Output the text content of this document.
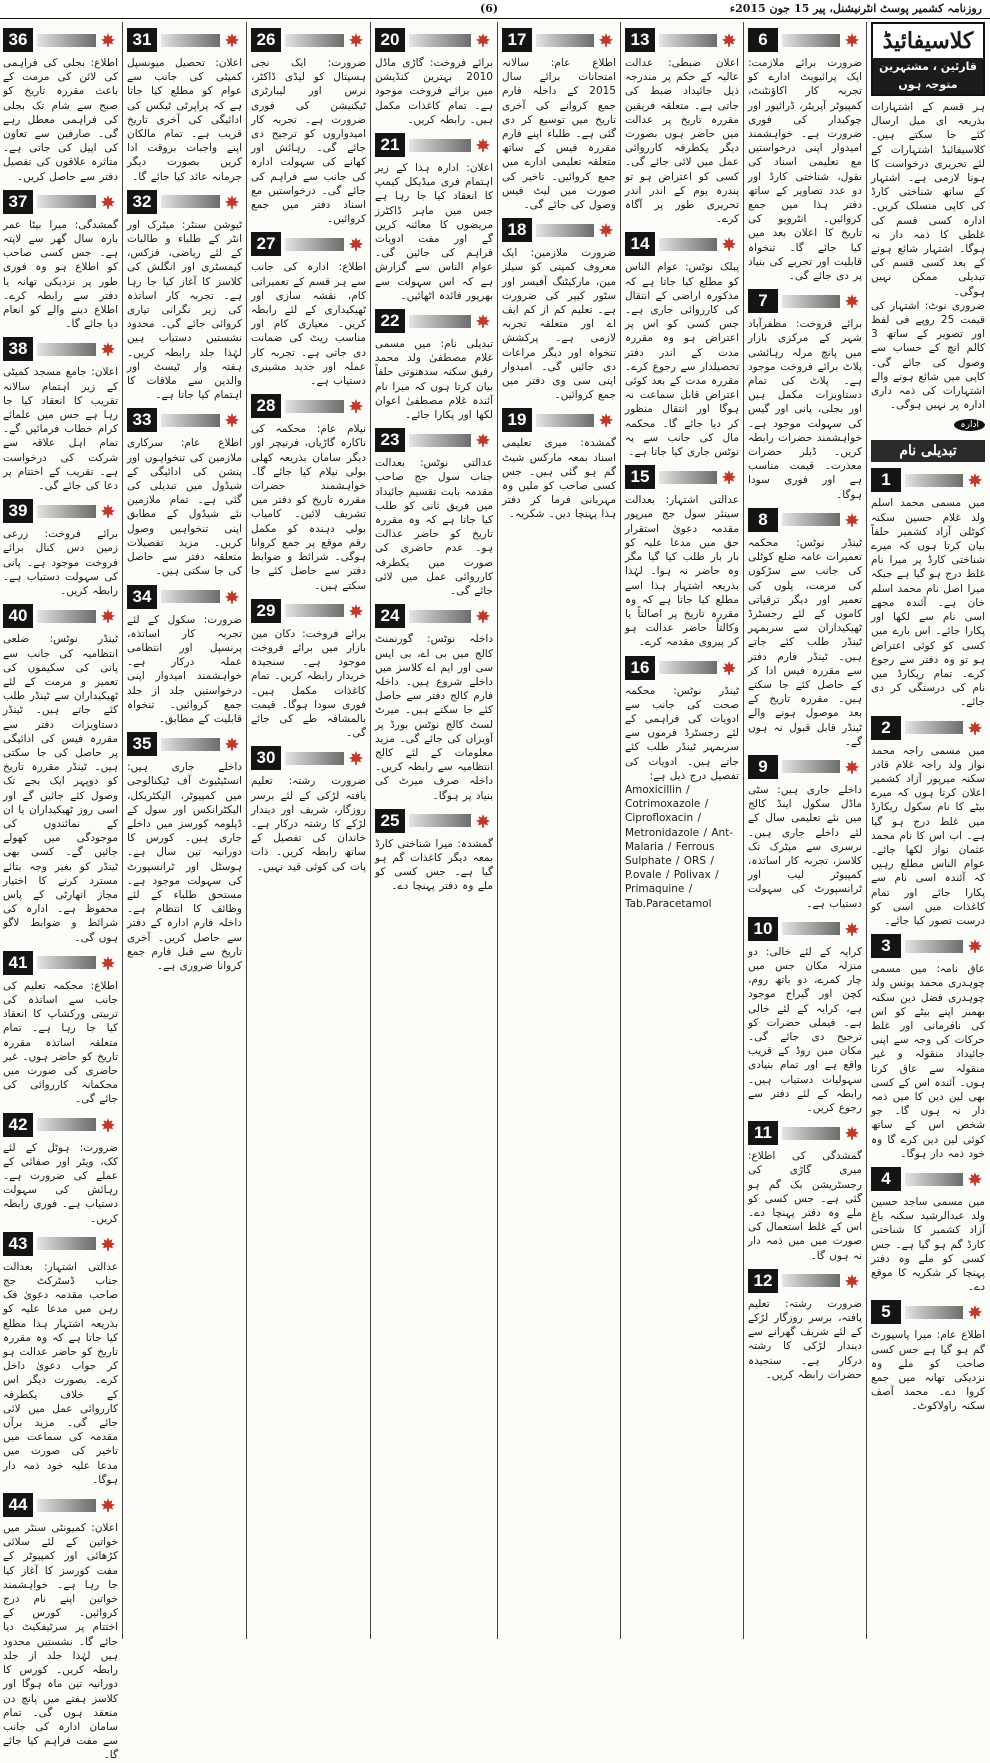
روزنامہ کشمیر پوسٹ انٹرنیشنل، پیر 15 جون 2015ء
(6)
کلاسیفائیڈ
قارئین ، مشتہرین متوجہ ہوں

ہر قسم کے اشتہارات بذریعہ ای میل ارسال کئے جا سکتے ہیں۔ کلاسیفائیڈ اشتہارات کے لئے تحریری درخواست کا ہونا لازمی ہے۔ اشتہار کے ساتھ شناختی کارڈ کی کاپی منسلک کریں۔ ادارہ کسی قسم کی غلطی کا ذمہ دار نہ ہوگا۔ اشتہار شائع ہونے کے بعد کسی قسم کی تبدیلی ممکن نہیں ہوگی۔

ضروری نوٹ: اشتہار کی قیمت 25 روپے فی لفظ اور تصویر کے ساتھ 3 کالم انچ کے حساب سے وصول کی جائے گی۔ کاپی میں شائع ہونے والے اشتہارات کی ذمہ داری ادارہ پر نہیں ہوگی۔

ادارہ
تبدیلی نام
1

میں مسمی محمد اسلم ولد غلام حسین سکنہ کوٹلی آزاد کشمیر حلفاً بیان کرتا ہوں کہ میرے شناختی کارڈ پر میرا نام غلط درج ہو گیا ہے جبکہ میرا اصل نام محمد اسلم خان ہے۔ آئندہ مجھے اسی نام سے لکھا اور پکارا جائے۔ اس بارے میں کسی کو کوئی اعتراض ہو تو وہ دفتر سے رجوع کرے۔ تمام ریکارڈ میں نام کی درستگی کر دی جائے۔

2

میں مسمی راجہ محمد نواز ولد راجہ غلام قادر سکنہ میرپور آزاد کشمیر اعلان کرتا ہوں کہ میرے بیٹے کا نام سکول ریکارڈ میں غلط درج ہو گیا ہے۔ اب اس کا نام محمد عثمان نواز لکھا جائے۔ عوام الناس مطلع رہیں کہ آئندہ اسی نام سے پکارا جائے اور تمام کاغذات میں اسی کو درست تصور کیا جائے۔

3

عاق نامہ: میں مسمی چوہدری محمد یونس ولد چوہدری فضل دین سکنہ بھمبر اپنے بیٹے کو اس کی نافرمانی اور غلط حرکات کی وجہ سے اپنی جائیداد منقولہ و غیر منقولہ سے عاق کرتا ہوں۔ آئندہ اس کے کسی بھی لین دین کا میں ذمہ دار نہ ہوں گا۔ جو شخص اس کے ساتھ کوئی لین دین کرے گا وہ خود ذمہ دار ہوگا۔

4

میں مسمی ساجد حسین ولد عبدالرشید سکنہ باغ آزاد کشمیر کا شناختی کارڈ گم ہو گیا ہے۔ جس کسی کو ملے وہ دفتر پہنچا کر شکریہ کا موقع دے۔

5

اطلاع عام: میرا پاسپورٹ گم ہو گیا ہے جس کسی صاحب کو ملے وہ نزدیکی تھانہ میں جمع کروا دے۔ محمد آصف سکنہ راولاکوٹ۔

6

ضرورت برائے ملازمت: ایک پرائیویٹ ادارے کو تجربہ کار اکاؤنٹنٹ، کمپیوٹر آپریٹر، ڈرائیور اور چوکیدار کی فوری ضرورت ہے۔ خواہشمند امیدوار اپنی درخواستیں مع تعلیمی اسناد کی نقول، شناختی کارڈ اور دو عدد تصاویر کے ساتھ دفتر ہذا میں جمع کروائیں۔ انٹرویو کی تاریخ کا اعلان بعد میں کیا جائے گا۔ تنخواہ قابلیت اور تجربے کی بنیاد پر دی جائے گی۔

7

برائے فروخت: مظفرآباد شہر کے مرکزی بازار میں پانچ مرلہ رہائشی پلاٹ برائے فروخت موجود ہے۔ پلاٹ کی تمام دستاویزات مکمل ہیں اور بجلی، پانی اور گیس کی سہولت موجود ہے۔ خواہشمند حضرات رابطہ کریں۔ ڈیلر حضرات معذرت۔ قیمت مناسب ہے اور فوری سودا ہوگا۔

8

ٹینڈر نوٹس: محکمہ تعمیرات عامہ ضلع کوٹلی کی جانب سے سڑکوں کی مرمت، پلوں کی تعمیر اور دیگر ترقیاتی کاموں کے لئے رجسٹرڈ ٹھیکیداران سے سربمہر ٹینڈر طلب کئے جاتے ہیں۔ ٹینڈر فارم دفتر سے مقررہ فیس ادا کر کے حاصل کئے جا سکتے ہیں۔ مقررہ تاریخ کے بعد موصول ہونے والے ٹینڈر قابل قبول نہ ہوں گے۔

9

داخلے جاری ہیں: سٹی ماڈل سکول اینڈ کالج میں نئے تعلیمی سال کے لئے داخلے جاری ہیں۔ نرسری سے میٹرک تک کلاسز، تجربہ کار اساتذہ، کمپیوٹر لیب اور ٹرانسپورٹ کی سہولت دستیاب ہے۔

10

کرایہ کے لئے خالی: دو منزلہ مکان جس میں چار کمرے، دو باتھ روم، کچن اور گیراج موجود ہے، کرایہ کے لئے خالی ہے۔ فیملی حضرات کو ترجیح دی جائے گی۔ مکان مین روڈ کے قریب واقع ہے اور تمام بنیادی سہولیات دستیاب ہیں۔ رابطہ کے لئے دفتر سے رجوع کریں۔

11

گمشدگی کی اطلاع: میری گاڑی کی رجسٹریشن بک گم ہو گئی ہے۔ جس کسی کو ملے وہ دفتر پہنچا دے۔ اس کے غلط استعمال کی صورت میں میں ذمہ دار نہ ہوں گا۔

12

ضرورت رشتہ: تعلیم یافتہ، برسر روزگار لڑکے کے لئے شریف گھرانے سے دیندار لڑکی کا رشتہ درکار ہے۔ سنجیدہ حضرات رابطہ کریں۔

13

اعلان ضبطی: عدالت عالیہ کے حکم پر مندرجہ ذیل جائیداد ضبط کی جاتی ہے۔ متعلقہ فریقین مقررہ تاریخ پر عدالت میں حاضر ہوں بصورت دیگر یکطرفہ کارروائی عمل میں لائی جائے گی۔ کسی کو اعتراض ہو تو پندرہ یوم کے اندر اندر تحریری طور پر آگاہ کرے۔

14

پبلک نوٹس: عوام الناس کو مطلع کیا جاتا ہے کہ مذکورہ اراضی کے انتقال کی کارروائی جاری ہے۔ جس کسی کو اس پر اعتراض ہو وہ مقررہ مدت کے اندر دفتر تحصیلدار سے رجوع کرے۔ مقررہ مدت کے بعد کوئی اعتراض قابل سماعت نہ ہوگا اور انتقال منظور کر دیا جائے گا۔ محکمہ مال کی جانب سے یہ نوٹس جاری کیا جاتا ہے۔

15

عدالتی اشتہار: بعدالت سینئر سول جج میرپور مقدمہ دعویٰ استقرار حق میں مدعا علیہ کو بار بار طلب کیا گیا مگر وہ حاضر نہ ہوا۔ لہٰذا بذریعہ اشتہار ہذا اسے مطلع کیا جاتا ہے کہ وہ مقررہ تاریخ پر اصالتاً یا وکالتاً حاضر عدالت ہو کر پیروی مقدمہ کرے۔

16

ٹینڈر نوٹس: محکمہ صحت کی جانب سے ادویات کی فراہمی کے لئے رجسٹرڈ فرموں سے سربمہر ٹینڈر طلب کئے جاتے ہیں۔ ادویات کی تفصیل درج ذیل ہے:

Amoxicillin / Cotrimoxazole / Ciprofloxacin / Metronidazole / Ant-Malaria / Ferrous Sulphate / ORS / P.ovale / Polivax / Primaquine / Tab.Paracetamol

17

اطلاع عام: سالانہ امتحانات برائے سال 2015 کے داخلہ فارم جمع کروانے کی آخری تاریخ میں توسیع کر دی گئی ہے۔ طلباء اپنے فارم مقررہ فیس کے ساتھ متعلقہ تعلیمی ادارے میں جمع کروائیں۔ تاخیر کی صورت میں لیٹ فیس وصول کی جائے گی۔

18

ضرورت ملازمین: ایک معروف کمپنی کو سیلز مین، مارکیٹنگ آفیسر اور سٹور کیپر کی ضرورت ہے۔ تعلیم کم از کم ایف اے اور متعلقہ تجربہ لازمی ہے۔ پرکشش تنخواہ اور دیگر مراعات دی جائیں گی۔ امیدوار اپنی سی وی دفتر میں جمع کروائیں۔

19

گمشدہ: میری تعلیمی اسناد بمعہ مارکس شیٹ گم ہو گئی ہیں۔ جس کسی صاحب کو ملیں وہ مہربانی فرما کر دفتر ہذا پہنچا دیں۔ شکریہ۔

20

برائے فروخت: گاڑی ماڈل 2010 بہترین کنڈیشن میں برائے فروخت موجود ہے۔ تمام کاغذات مکمل ہیں۔ رابطہ کریں۔

21

اعلان: ادارہ ہذا کے زیر اہتمام فری میڈیکل کیمپ کا انعقاد کیا جا رہا ہے جس میں ماہر ڈاکٹرز مریضوں کا معائنہ کریں گے اور مفت ادویات فراہم کی جائیں گی۔ عوام الناس سے گزارش ہے کہ اس سہولت سے بھرپور فائدہ اٹھائیں۔

22

تبدیلی نام: میں مسمی غلام مصطفیٰ ولد محمد رفیق سکنہ سدھنوتی حلفاً بیان کرتا ہوں کہ میرا نام آئندہ غلام مصطفیٰ اعوان لکھا اور پکارا جائے۔

23

عدالتی نوٹس: بعدالت جناب سول جج صاحب مقدمہ بابت تقسیم جائیداد میں فریق ثانی کو طلب کیا جاتا ہے کہ وہ مقررہ تاریخ کو حاضر عدالت ہو۔ عدم حاضری کی صورت میں یکطرفہ کارروائی عمل میں لائی جائے گی۔

24

داخلہ نوٹس: گورنمنٹ کالج میں بی اے، بی ایس سی اور ایم اے کلاسز میں داخلے شروع ہیں۔ داخلہ فارم کالج دفتر سے حاصل کئے جا سکتے ہیں۔ میرٹ لسٹ کالج نوٹس بورڈ پر آویزاں کی جائے گی۔ مزید معلومات کے لئے کالج انتظامیہ سے رابطہ کریں۔ داخلہ صرف میرٹ کی بنیاد پر ہوگا۔

25

گمشدہ: میرا شناختی کارڈ بمعہ دیگر کاغذات گم ہو گیا ہے۔ جس کسی کو ملے وہ دفتر پہنچا دے۔

26

ضرورت: ایک نجی ہسپتال کو لیڈی ڈاکٹر، نرس اور لیبارٹری ٹیکنیشن کی فوری ضرورت ہے۔ تجربہ کار امیدواروں کو ترجیح دی جائے گی۔ رہائش اور کھانے کی سہولت ادارہ کی جانب سے فراہم کی جائے گی۔ درخواستیں مع اسناد دفتر میں جمع کروائیں۔

27

اطلاع: ادارہ کی جانب سے ہر قسم کے تعمیراتی کام، نقشہ سازی اور ٹھیکیداری کے لئے رابطہ کریں۔ معیاری کام اور مناسب ریٹ کی ضمانت دی جاتی ہے۔ تجربہ کار عملہ اور جدید مشینری دستیاب ہے۔

28

نیلام عام: محکمہ کی ناکارہ گاڑیاں، فرنیچر اور دیگر سامان بذریعہ کھلی بولی نیلام کیا جائے گا۔ خواہشمند حضرات مقررہ تاریخ کو دفتر میں تشریف لائیں۔ کامیاب بولی دہندہ کو مکمل رقم موقع پر جمع کروانا ہوگی۔ شرائط و ضوابط دفتر سے حاصل کئے جا سکتے ہیں۔

29

برائے فروخت: دکان مین بازار میں برائے فروخت موجود ہے۔ سنجیدہ خریدار رابطہ کریں۔ تمام کاغذات مکمل ہیں۔ فوری سودا ہوگا۔ قیمت بالمشافہ طے کی جائے گی۔

30

ضرورت رشتہ: تعلیم یافتہ لڑکی کے لئے برسر روزگار، شریف اور دیندار لڑکے کا رشتہ درکار ہے۔ خاندان کی تفصیل کے ساتھ رابطہ کریں۔ ذات پات کی کوئی قید نہیں۔

31

اعلان: تحصیل میونسپل کمیٹی کی جانب سے عوام کو مطلع کیا جاتا ہے کہ پراپرٹی ٹیکس کی ادائیگی کی آخری تاریخ قریب ہے۔ تمام مالکان اپنے واجبات بروقت ادا کریں بصورت دیگر جرمانہ عائد کیا جائے گا۔

32

ٹیوشن سنٹر: میٹرک اور انٹر کے طلباء و طالبات کے لئے ریاضی، فزکس، کیمسٹری اور انگلش کی کلاسز کا آغاز کیا جا رہا ہے۔ تجربہ کار اساتذہ کی زیر نگرانی تیاری کروائی جائے گی۔ محدود نشستیں دستیاب ہیں لہٰذا جلد رابطہ کریں۔ ہفتہ وار ٹیسٹ اور والدین سے ملاقات کا اہتمام کیا جاتا ہے۔

33

اطلاع عام: سرکاری ملازمین کی تنخواہوں اور پنشن کی ادائیگی کے شیڈول میں تبدیلی کی گئی ہے۔ تمام ملازمین نئے شیڈول کے مطابق اپنی تنخواہیں وصول کریں۔ مزید تفصیلات متعلقہ دفتر سے حاصل کی جا سکتی ہیں۔

34

ضرورت: سکول کے لئے تجربہ کار اساتذہ، پرنسپل اور انتظامی عملہ درکار ہے۔ خواہشمند امیدوار اپنی درخواستیں جلد از جلد جمع کروائیں۔ تنخواہ قابلیت کے مطابق۔

35

داخلے جاری ہیں: انسٹیٹیوٹ آف ٹیکنالوجی میں کمپیوٹر، الیکٹریکل، الیکٹرانکس اور سول کے ڈپلومہ کورسز میں داخلے جاری ہیں۔ کورس کا دورانیہ تین سال ہے۔ ہوسٹل اور ٹرانسپورٹ کی سہولت موجود ہے۔ مستحق طلباء کے لئے وظائف کا انتظام ہے۔ داخلہ فارم ادارہ کے دفتر سے حاصل کریں۔ آخری تاریخ سے قبل فارم جمع کروانا ضروری ہے۔

36

اطلاع: بجلی کی فراہمی کی لائن کی مرمت کے باعث مقررہ تاریخ کو صبح سے شام تک بجلی کی فراہمی معطل رہے گی۔ صارفین سے تعاون کی اپیل کی جاتی ہے۔ متاثرہ علاقوں کی تفصیل دفتر سے حاصل کریں۔

37

گمشدگی: میرا بیٹا عمر بارہ سال گھر سے لاپتہ ہے۔ جس کسی صاحب کو اطلاع ہو وہ فوری طور پر نزدیکی تھانہ یا دفتر سے رابطہ کرے۔ اطلاع دینے والے کو انعام دیا جائے گا۔

38

اعلان: جامع مسجد کمیٹی کے زیر اہتمام سالانہ تقریب کا انعقاد کیا جا رہا ہے جس میں علمائے کرام خطاب فرمائیں گے۔ تمام اہل علاقہ سے شرکت کی درخواست ہے۔ تقریب کے اختتام پر دعا کی جائے گی۔

39

برائے فروخت: زرعی زمین دس کنال برائے فروخت موجود ہے۔ پانی کی سہولت دستیاب ہے۔ رابطہ کریں۔

40

ٹینڈر نوٹس: ضلعی انتظامیہ کی جانب سے پانی کی سکیموں کی تعمیر و مرمت کے لئے ٹھیکیداران سے ٹینڈر طلب کئے جاتے ہیں۔ ٹینڈر دستاویزات دفتر سے مقررہ فیس کی ادائیگی پر حاصل کی جا سکتی ہیں۔ ٹینڈر مقررہ تاریخ کو دوپہر ایک بجے تک وصول کئے جائیں گے اور اسی روز ٹھیکیداران یا ان کے نمائندوں کی موجودگی میں کھولے جائیں گے۔ کسی بھی ٹینڈر کو بغیر وجہ بتائے مسترد کرنے کا اختیار مجاز اتھارٹی کے پاس محفوظ ہے۔ ادارہ کی شرائط و ضوابط لاگو ہوں گی۔

41

اطلاع: محکمہ تعلیم کی جانب سے اساتذہ کی تربیتی ورکشاپ کا انعقاد کیا جا رہا ہے۔ تمام متعلقہ اساتذہ مقررہ تاریخ کو حاضر ہوں۔ غیر حاضری کی صورت میں محکمانہ کارروائی کی جائے گی۔

42

ضرورت: ہوٹل کے لئے کک، ویٹر اور صفائی کے عملے کی ضرورت ہے۔ رہائش کی سہولت دستیاب ہے۔ فوری رابطہ کریں۔

43

عدالتی اشتہار: بعدالت جناب ڈسٹرکٹ جج صاحب مقدمہ دعویٰ فک رہن میں مدعا علیہ کو بذریعہ اشتہار ہذا مطلع کیا جاتا ہے کہ وہ مقررہ تاریخ کو حاضر عدالت ہو کر جواب دعویٰ داخل کرے۔ بصورت دیگر اس کے خلاف یکطرفہ کارروائی عمل میں لائی جائے گی۔ مزید برآں مقدمہ کی سماعت میں تاخیر کی صورت میں مدعا علیہ خود ذمہ دار ہوگا۔

44

اعلان: کمیونٹی سنٹر میں خواتین کے لئے سلائی کڑھائی اور کمپیوٹر کے مفت کورسز کا آغاز کیا جا رہا ہے۔ خواہشمند خواتین اپنے نام درج کروائیں۔ کورس کے اختتام پر سرٹیفکیٹ دیا جائے گا۔ نشستیں محدود ہیں لہٰذا جلد از جلد رابطہ کریں۔ کورس کا دورانیہ تین ماہ ہوگا اور کلاسز ہفتے میں پانچ دن منعقد ہوں گی۔ تمام سامان ادارہ کی جانب سے مفت فراہم کیا جائے گا۔
